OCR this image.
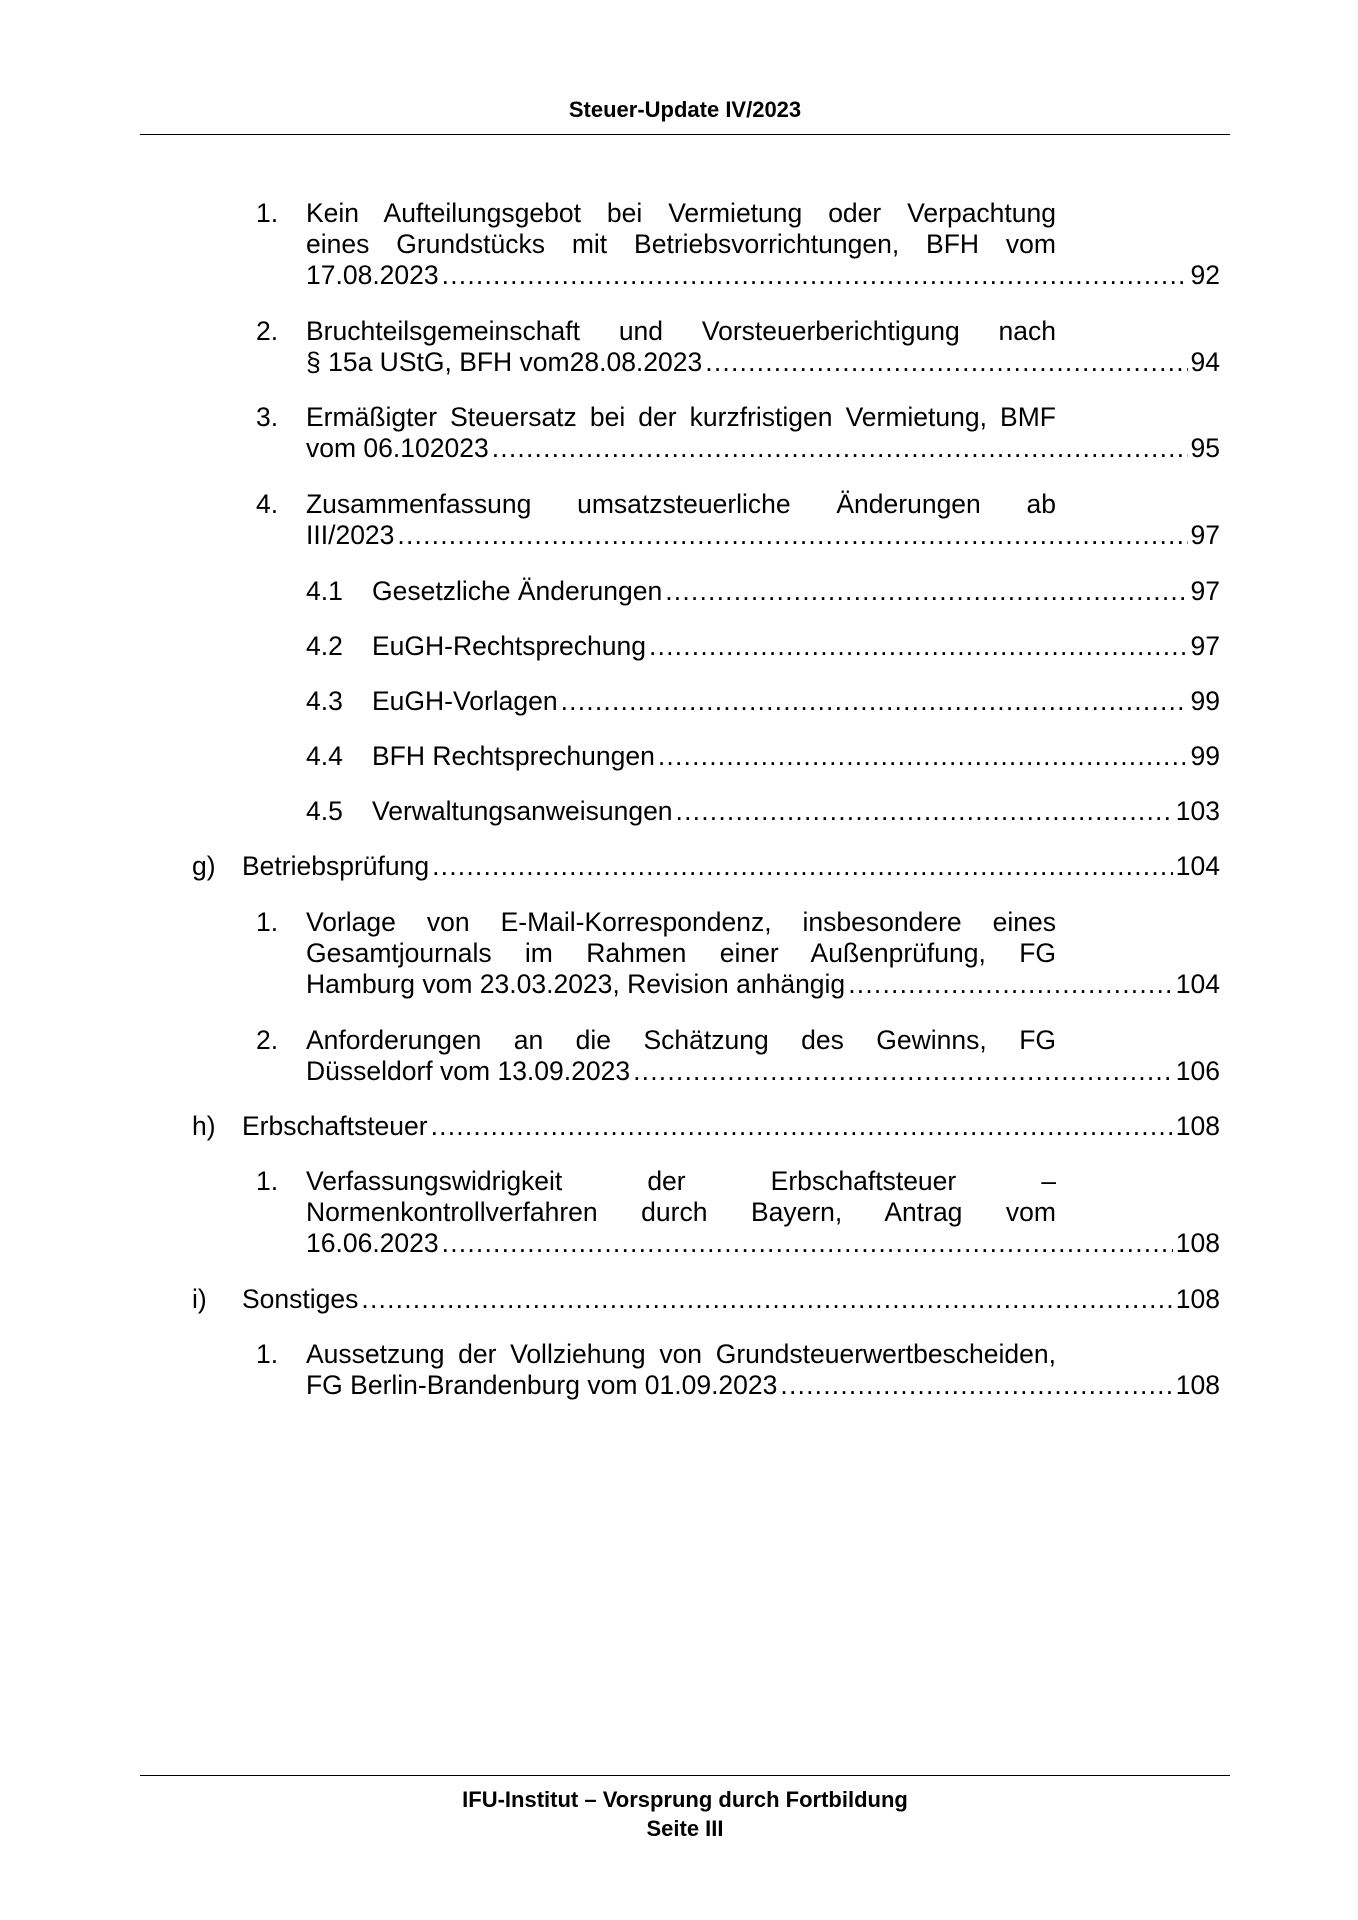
Steuer-Update IV/2023
1. Kein Aufteilungsgebot bei Vermietung oder Verpachtung
eines Grundstücks mit Betriebsvorrichtungen, BFH vom
17.08.2023 .....	92
2. Bruchteilsgemeinschaft und Vorsteuerberichtigung nach
§ 15a UStG, BFH vom28.08.2023 .....	94
3. Ermäßigter Steuersatz bei der kurzfristigen Vermietung, BMF
vom 06.102023 .....	95
4. Zusammenfassung umsatzsteuerliche Änderungen ab
III/2023 .....	97
4.1 Gesetzliche Änderungen .....	97
4.2 EuGH-Rechtsprechung .....	97
4.3 EuGH-Vorlagen .....	99
4.4 BFH Rechtsprechungen .....	99
4.5 Verwaltungsanweisungen .....	103
g) Betriebsprüfung .....	104
1. Vorlage von E-Mail-Korrespondenz, insbesondere eines
Gesamtjournals im Rahmen einer Außenprüfung, FG
Hamburg vom 23.03.2023, Revision anhängig .....	104
2. Anforderungen an die Schätzung des Gewinns, FG
Düsseldorf vom 13.09.2023 .....	106
h) Erbschaftsteuer .....	108
1. Verfassungswidrigkeit der Erbschaftsteuer –
Normenkontrollverfahren durch Bayern, Antrag vom
16.06.2023 .....	108
i) Sonstiges .....	108
1. Aussetzung der Vollziehung von Grundsteuerwertbescheiden,
FG Berlin-Brandenburg vom 01.09.2023 .....	108
IFU-Institut – Vorsprung durch Fortbildung
Seite III
